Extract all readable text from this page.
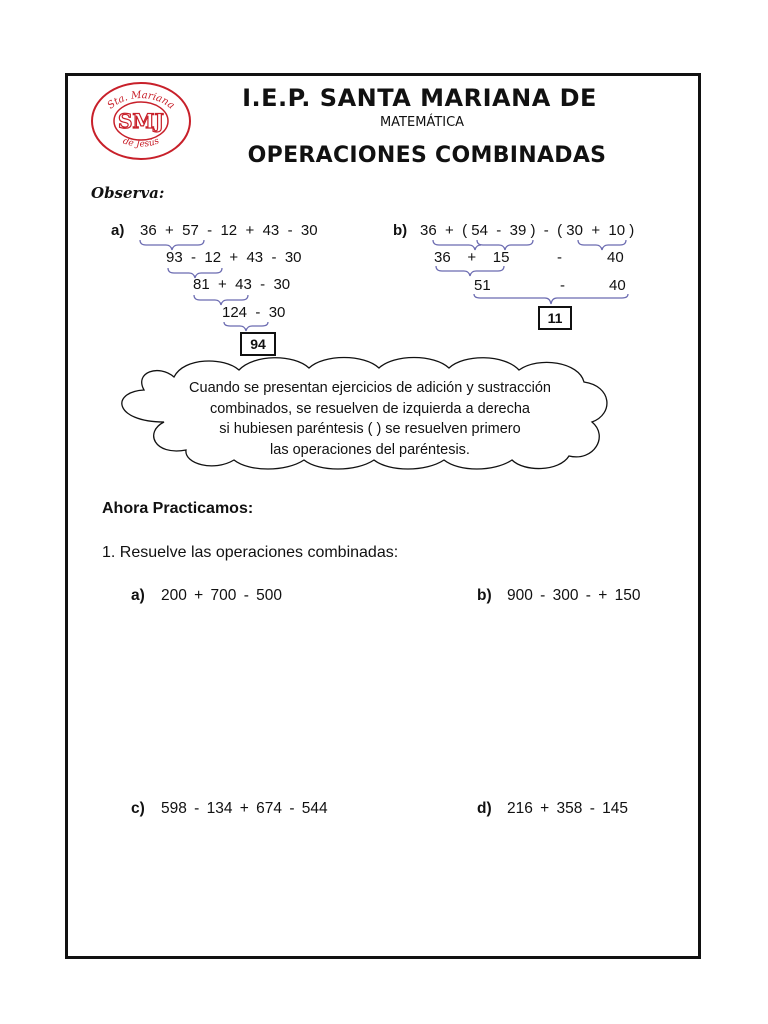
Sta. Mariana
SMJ
de Jesús
I.E.P. SANTA MARIANA DE
MATEMÁTICA
OPERACIONES COMBINADAS
Observa:
a) 36  +  57  -  12  +  43  -  30
93  -  12  +  43  -  30
81  +  43  -  30
124  -  30
94
b) 36  +  ( 54  -  39 )  -  ( 30  +  10 )
36    +    15	-	40
51	-	40
11
Cuando se presentan ejercicios de adición y sustracción
combinados, se resuelven de izquierda a derecha
si hubiesen paréntesis ( ) se resuelven primero
las operaciones del paréntesis.
Ahora Practicamos:
1. Resuelve las operaciones combinadas:
a) 200 + 700 - 500	b) 900 - 300 - + 150
c) 598 - 134 + 674 - 544	d) 216 + 358 - 145
